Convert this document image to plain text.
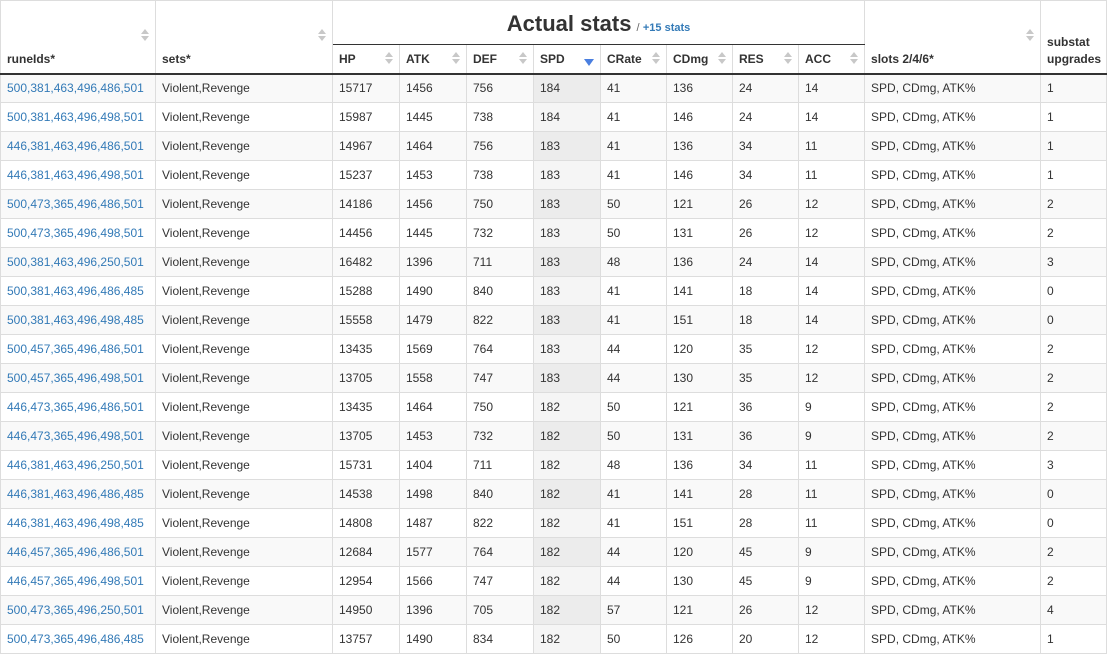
runeIds*	sets*	Actual stats / +15 stats								slots 2/4/6*	substat
upgrades
		HP	ATK	DEF	SPD	CRate	CDmg	RES	ACC		

500,381,463,496,486,501	Violent,Revenge	15717	1456	756	184	41	136	24	14	SPD, CDmg, ATK%	1
500,381,463,496,498,501	Violent,Revenge	15987	1445	738	184	41	146	24	14	SPD, CDmg, ATK%	1
446,381,463,496,486,501	Violent,Revenge	14967	1464	756	183	41	136	34	11	SPD, CDmg, ATK%	1
446,381,463,496,498,501	Violent,Revenge	15237	1453	738	183	41	146	34	11	SPD, CDmg, ATK%	1
500,473,365,496,486,501	Violent,Revenge	14186	1456	750	183	50	121	26	12	SPD, CDmg, ATK%	2
500,473,365,496,498,501	Violent,Revenge	14456	1445	732	183	50	131	26	12	SPD, CDmg, ATK%	2
500,381,463,496,250,501	Violent,Revenge	16482	1396	711	183	48	136	24	14	SPD, CDmg, ATK%	3
500,381,463,496,486,485	Violent,Revenge	15288	1490	840	183	41	141	18	14	SPD, CDmg, ATK%	0
500,381,463,496,498,485	Violent,Revenge	15558	1479	822	183	41	151	18	14	SPD, CDmg, ATK%	0
500,457,365,496,486,501	Violent,Revenge	13435	1569	764	183	44	120	35	12	SPD, CDmg, ATK%	2
500,457,365,496,498,501	Violent,Revenge	13705	1558	747	183	44	130	35	12	SPD, CDmg, ATK%	2
446,473,365,496,486,501	Violent,Revenge	13435	1464	750	182	50	121	36	9	SPD, CDmg, ATK%	2
446,473,365,496,498,501	Violent,Revenge	13705	1453	732	182	50	131	36	9	SPD, CDmg, ATK%	2
446,381,463,496,250,501	Violent,Revenge	15731	1404	711	182	48	136	34	11	SPD, CDmg, ATK%	3
446,381,463,496,486,485	Violent,Revenge	14538	1498	840	182	41	141	28	11	SPD, CDmg, ATK%	0
446,381,463,496,498,485	Violent,Revenge	14808	1487	822	182	41	151	28	11	SPD, CDmg, ATK%	0
446,457,365,496,486,501	Violent,Revenge	12684	1577	764	182	44	120	45	9	SPD, CDmg, ATK%	2
446,457,365,496,498,501	Violent,Revenge	12954	1566	747	182	44	130	45	9	SPD, CDmg, ATK%	2
500,473,365,496,250,501	Violent,Revenge	14950	1396	705	182	57	121	26	12	SPD, CDmg, ATK%	4
500,473,365,496,486,485	Violent,Revenge	13757	1490	834	182	50	126	20	12	SPD, CDmg, ATK%	1
